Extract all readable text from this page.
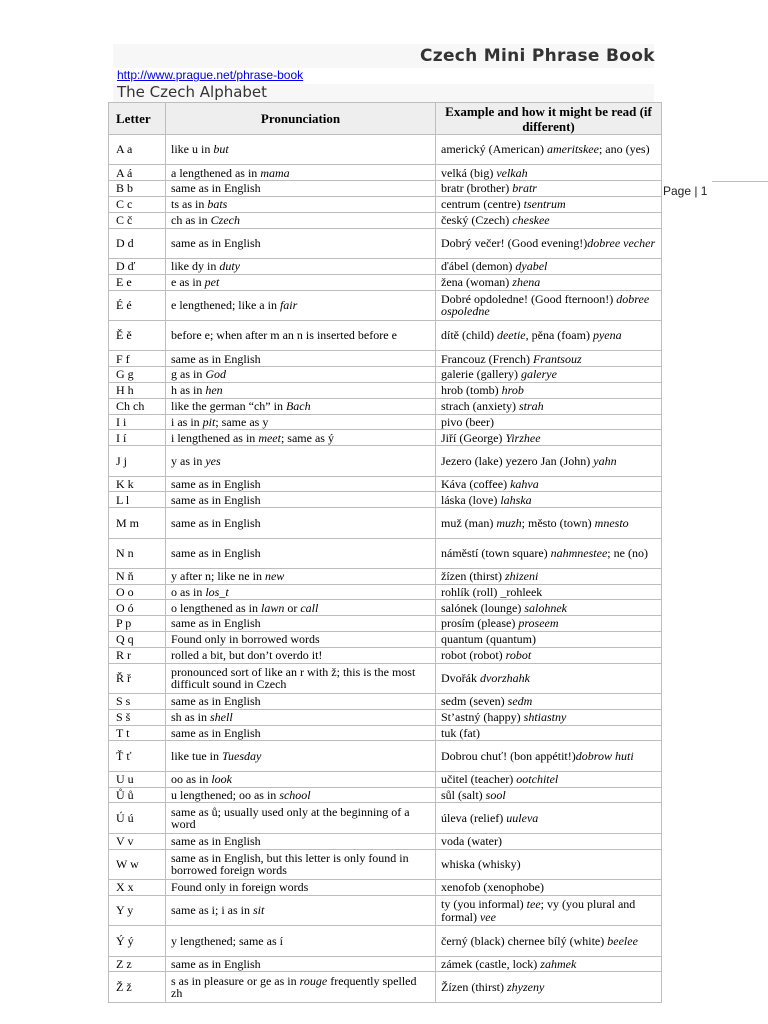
Czech Mini Phrase Book
http://www.prague.net/phrase-book
The Czech Alphabet
Page | 1
Letter	Pronunciation	Example and how it might be read (if different)
A a	like u in but	americký (American) ameritskee; ano (yes)
A á	a lengthened as in mama	velká (big) velkah
B b	same as in English	bratr (brother) bratr
C c	ts as in bats	centrum (centre) tsentrum
C č	ch as in Czech	český (Czech) cheskee
D d	same as in English	Dobrý večer! (Good evening!)dobree vecher
D ď	like dy in duty	ďábel (demon) dyabel
E e	e as in pet	žena (woman) zhena
É é	e lengthened; like a in fair	Dobré opdoledne! (Good fternoon!) dobree ospoledne
Ě ě	before e; when after m an n is inserted before e	dítě (child) deetie, pěna (foam) pyena
F f	same as in English	Francouz (French) Frantsouz
G g	g as in God	galerie (gallery) galerye
H h	h as in hen	hrob (tomb) hrob
Ch ch	like the german “ch” in Bach	strach (anxiety) strah
I i	i as in pit; same as y	pivo (beer)
I í	i lengthened as in meet; same as ý	Jiří (George) Yirzhee
J j	y as in yes	Jezero (lake) yezero Jan (John) yahn
K k	same as in English	Káva (coffee) kahva
L l	same as in English	láska (love) lahska
M m	same as in English	muž (man) muzh; město (town) mnesto
N n	same as in English	náměstí (town square) nahmnestee; ne (no)
N ň	y after n; like ne in new	žízen (thirst) zhizeni
O o	o as in los_t	rohlík (roll) _rohleek
O ó	o lengthened as in lawn or call	salónek (lounge) salohnek
P p	same as in English	prosím (please) proseem
Q q	Found only in borrowed words	quantum (quantum)
R r	rolled a bit, but don’t overdo it!	robot (robot) robot
Ř ř	pronounced sort of like an r with ž; this is the most difficult sound in Czech	Dvořák dvorzhahk
S s	same as in English	sedm (seven) sedm
S š	sh as in shell	St’astný (happy) shtiastny
T t	same as in English	tuk (fat)
Ť ť	like tue in Tuesday	Dobrou chuť! (bon appétit!)dobrow huti
U u	oo as in look	učitel (teacher) ootchitel
Ů ů	u lengthened; oo as in school	sůl (salt) sool
Ú ú	same as ů; usually used only at the beginning of a word	úleva (relief) uuleva
V v	same as in English	voda (water)
W w	same as in English, but this letter is only found in borrowed foreign words	whiska (whisky)
X x	Found only in foreign words	xenofob (xenophobe)
Y y	same as i; i as in sit	ty (you informal) tee; vy (you plural and formal) vee
Ý ý	y lengthened; same as í	černý (black) chernee bílý (white) beelee
Z z	same as in English	zámek (castle, lock) zahmek
Ž ž	s as in pleasure or ge as in rouge frequently spelled zh	Žízen (thirst) zhyzeny
